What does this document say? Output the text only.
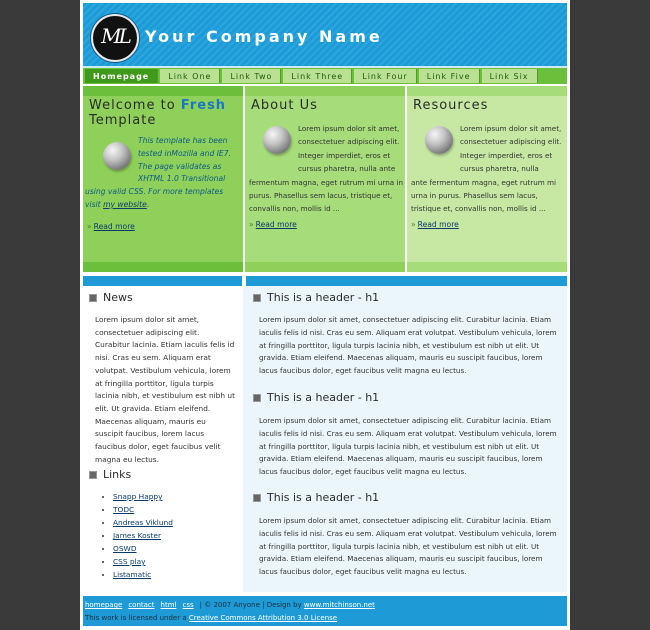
ML	Your Company Name
Homepage	Link One	Link Two	Link Three	Link Four	Link Five	Link Six
Welcome to Fresh
Template
This template has been
tested inMozilla and IE7.
The page validates as
XHTML 1.0 Transitional
using valid CSS. For more templates visit my website.
» Read more
About Us
Lorem ipsum dolor sit amet,
consectetuer adipiscing elit.
Integer imperdiet, eros et
cursus pharetra, nulla ante
fermentum magna, eget rutrum mi urna in purus. Phasellus sem lacus, tristique et, convallis non, mollis id ...
» Read more
Resources
Lorem ipsum dolor sit amet,
consectetuer adipiscing elit.
Integer imperdiet, eros et
cursus pharetra, nulla
ante fermentum magna, eget rutrum mi urna in purus. Phasellus sem lacus, tristique et, convallis non, mollis id ...
» Read more
News
Lorem ipsum dolor sit amet, consectetuer adipiscing elit. Curabitur lacinia. Etiam iaculis felis id nisi. Cras eu sem. Aliquam erat volutpat. Vestibulum vehicula, lorem at fringilla porttitor, ligula turpis lacinia nibh, et vestibulum est nibh ut elit. Ut gravida. Etiam eleifend. Maecenas aliquam, mauris eu suscipit faucibus, lorem lacus faucibus dolor, eget faucibus velit magna eu lectus.
Links
• Snapp Happy
• TODC
• Andreas Viklund
• James Koster
• OSWD
• CSS play
• Listamatic
This is a header - h1
Lorem ipsum dolor sit amet, consectetuer adipiscing elit. Curabitur lacinia. Etiam iaculis felis id nisi. Cras eu sem. Aliquam erat volutpat. Vestibulum vehicula, lorem at fringilla porttitor, ligula turpis lacinia nibh, et vestibulum est nibh ut elit. Ut gravida. Etiam eleifend. Maecenas aliquam, mauris eu suscipit faucibus, lorem lacus faucibus dolor, eget faucibus velit magna eu lectus.
This is a header - h1
Lorem ipsum dolor sit amet, consectetuer adipiscing elit. Curabitur lacinia. Etiam iaculis felis id nisi. Cras eu sem. Aliquam erat volutpat. Vestibulum vehicula, lorem at fringilla porttitor, ligula turpis lacinia nibh, et vestibulum est nibh ut elit. Ut gravida. Etiam eleifend. Maecenas aliquam, mauris eu suscipit faucibus, lorem lacus faucibus dolor, eget faucibus velit magna eu lectus.
This is a header - h1
Lorem ipsum dolor sit amet, consectetuer adipiscing elit. Curabitur lacinia. Etiam iaculis felis id nisi. Cras eu sem. Aliquam erat volutpat. Vestibulum vehicula, lorem at fringilla porttitor, ligula turpis lacinia nibh, et vestibulum est nibh ut elit. Ut gravida. Etiam eleifend. Maecenas aliquam, mauris eu suscipit faucibus, lorem lacus faucibus dolor, eget faucibus velit magna eu lectus.
homepage contact html css | © 2007 Anyone | Design by www.mitchinson.net
This work is licensed under a Creative Commons Attribution 3.0 License
